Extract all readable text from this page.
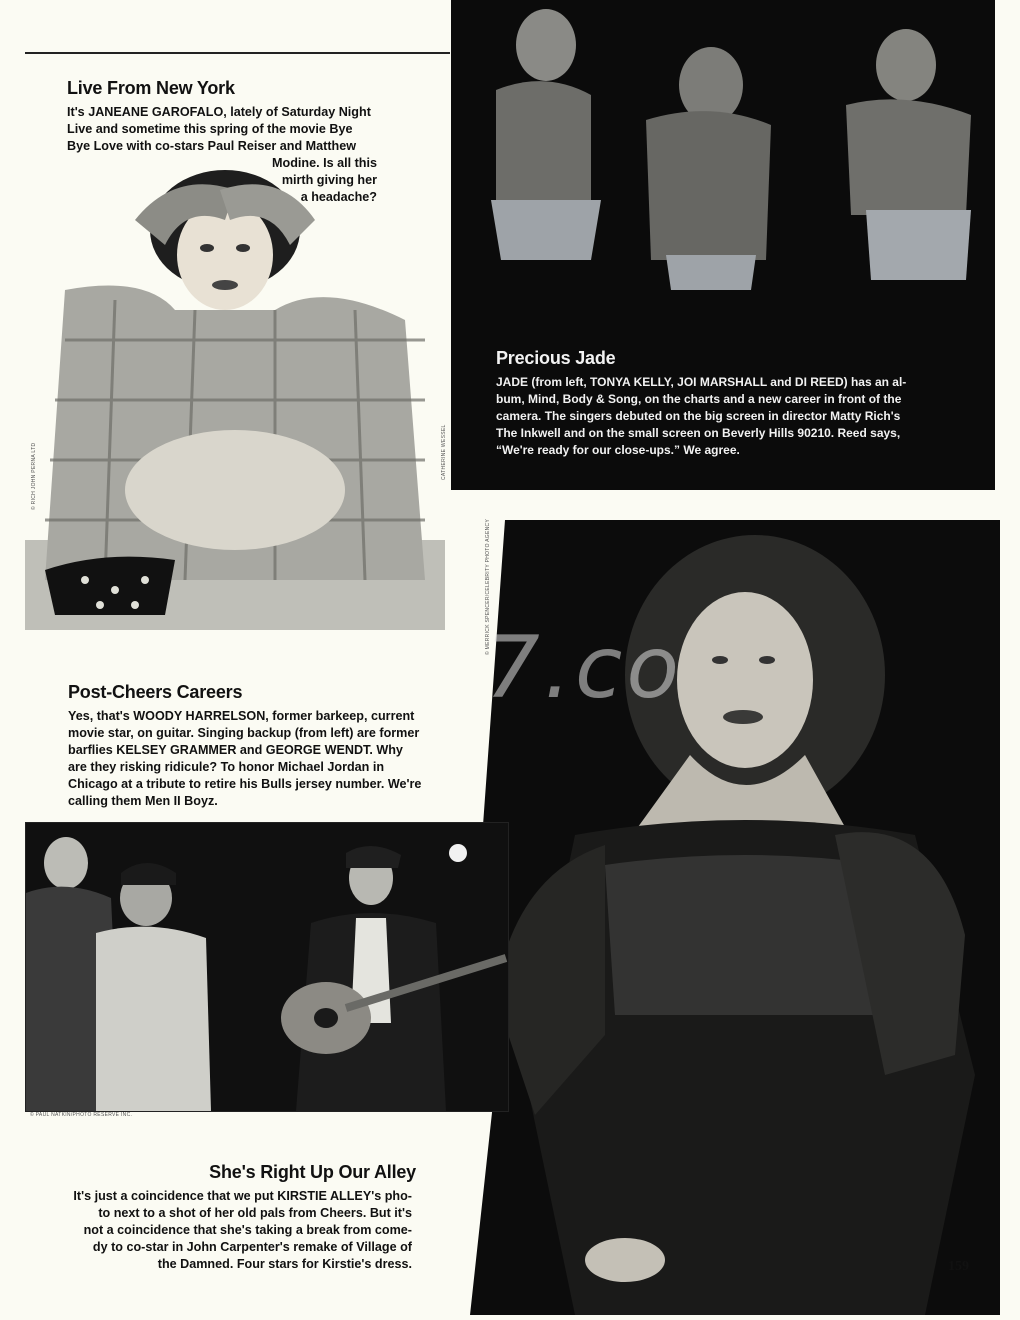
© RICH JOHN PERNA LTD
Live From New York

It's JANEANE GAROFALO, lately of Saturday Night

Live and sometime this spring of the movie Bye

Bye Love with co-stars Paul Reiser and Matthew

Modine. Is all this

mirth giving her

a headache?

CATHERINE WESSEL
Precious Jade

JADE (from left, TONYA KELLY, JOI MARSHALL and DI REED) has an al-

bum, Mind, Body & Song, on the charts and a new career in front of the

camera. The singers debuted on the big screen in director Matty Rich's

The Inkwell and on the small screen on Beverly Hills 90210. Reed says,

“We're ready for our close-ups.” We agree.

© MERRICK SPENCER/CELEBRITY PHOTO AGENCY
7.co
Post-Cheers Careers

Yes, that's WOODY HARRELSON, former barkeep, current

movie star, on guitar. Singing backup (from left) are former

barflies KELSEY GRAMMER and GEORGE WENDT. Why

are they risking ridicule? To honor Michael Jordan in

Chicago at a tribute to retire his Bulls jersey number. We're

calling them Men II Boyz.

© PAUL NATKIN/PHOTO RESERVE INC.
She's Right Up Our Alley

It's just a coincidence that we put KIRSTIE ALLEY's pho-

to next to a shot of her old pals from Cheers. But it's

not a coincidence that she's taking a break from come-

dy to co-star in John Carpenter's remake of Village of

the Damned. Four stars for Kirstie's dress.	159
